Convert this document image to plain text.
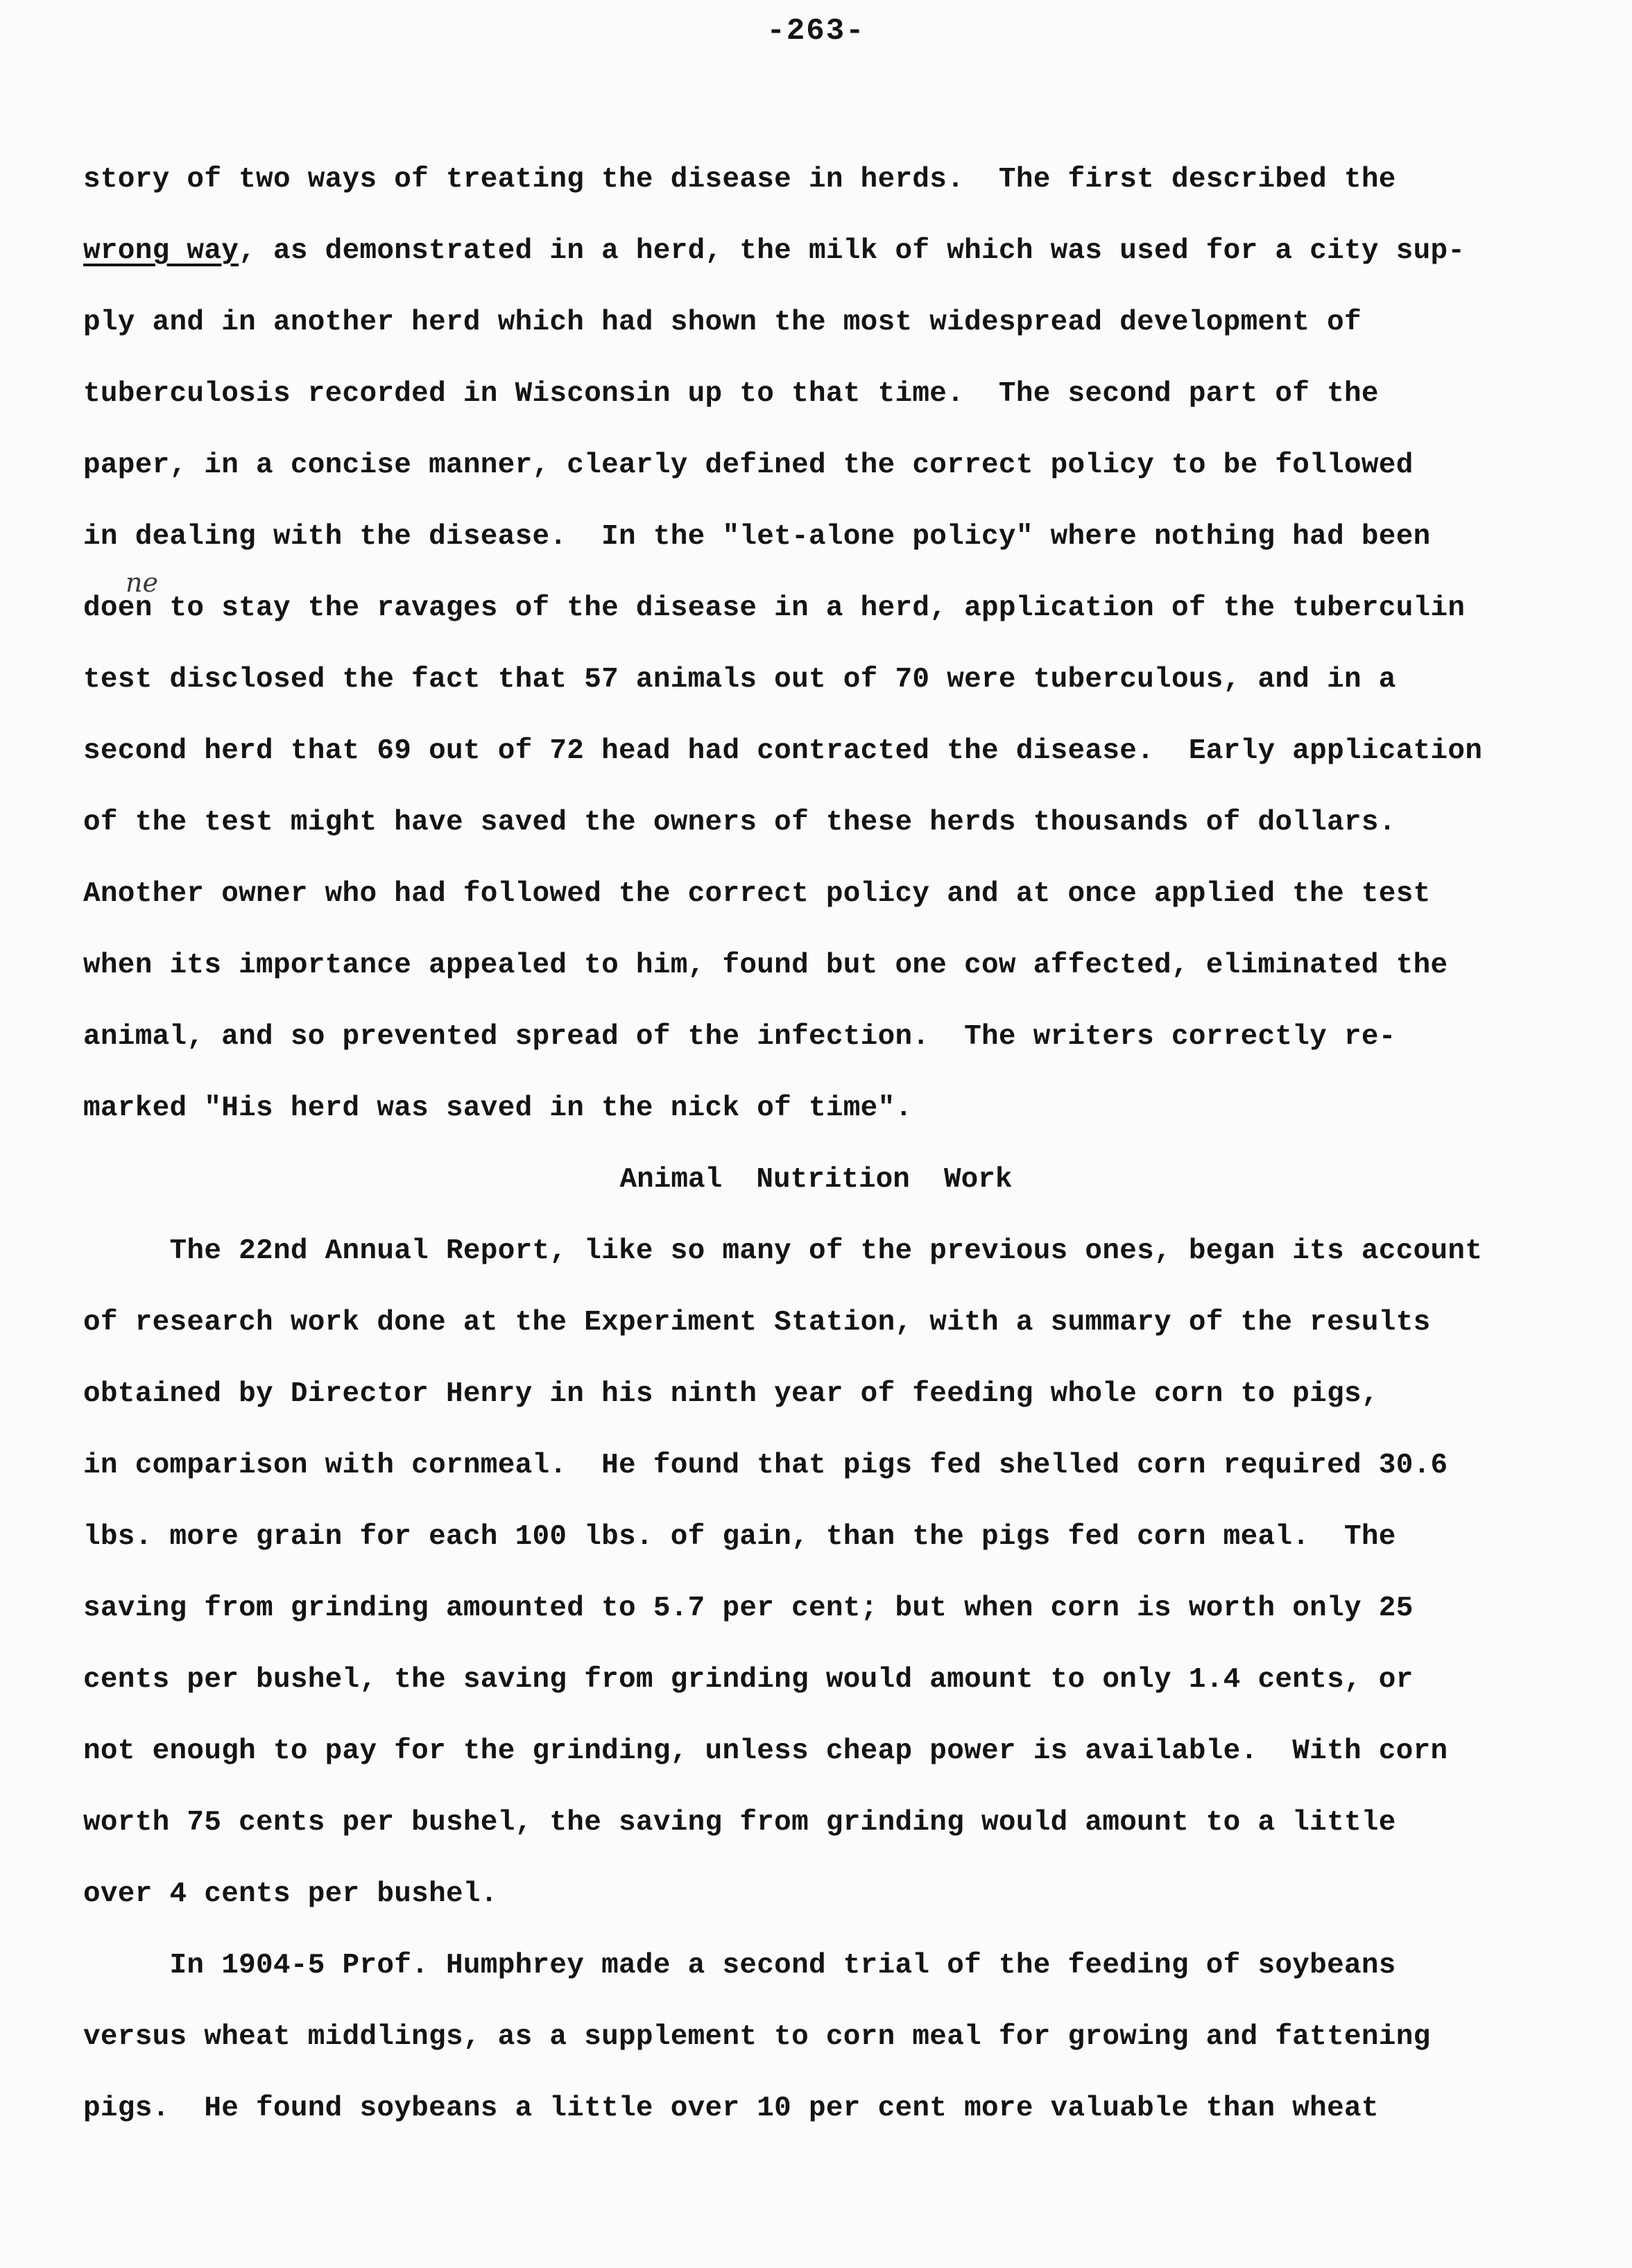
-263-
story of two ways of treating the disease in herds.  The first described the
wrong way, as demonstrated in a herd, the milk of which was used for a city sup-
ply and in another herd which had shown the most widespread development of
tuberculosis recorded in Wisconsin up to that time.  The second part of the
paper, in a concise manner, clearly defined the correct policy to be followed
in dealing with the disease.  In the "let-alone policy" where nothing had been
ne
doen to stay the ravages of the disease in a herd, application of the tuberculin
test disclosed the fact that 57 animals out of 70 were tuberculous, and in a
second herd that 69 out of 72 head had contracted the disease.  Early application
of the test might have saved the owners of these herds thousands of dollars.
Another owner who had followed the correct policy and at once applied the test
when its importance appealed to him, found but one cow affected, eliminated the
animal, and so prevented spread of the infection.  The writers correctly re-
marked "His herd was saved in the nick of time".
Animal  Nutrition  Work
The 22nd Annual Report, like so many of the previous ones, began its account
of research work done at the Experiment Station, with a summary of the results
obtained by Director Henry in his ninth year of feeding whole corn to pigs,
in comparison with cornmeal.  He found that pigs fed shelled corn required 30.6
lbs. more grain for each 100 lbs. of gain, than the pigs fed corn meal.  The
saving from grinding amounted to 5.7 per cent; but when corn is worth only 25
cents per bushel, the saving from grinding would amount to only 1.4 cents, or
not enough to pay for the grinding, unless cheap power is available.  With corn
worth 75 cents per bushel, the saving from grinding would amount to a little
over 4 cents per bushel.
In 1904-5 Prof. Humphrey made a second trial of the feeding of soybeans
versus wheat middlings, as a supplement to corn meal for growing and fattening
pigs.  He found soybeans a little over 10 per cent more valuable than wheat
